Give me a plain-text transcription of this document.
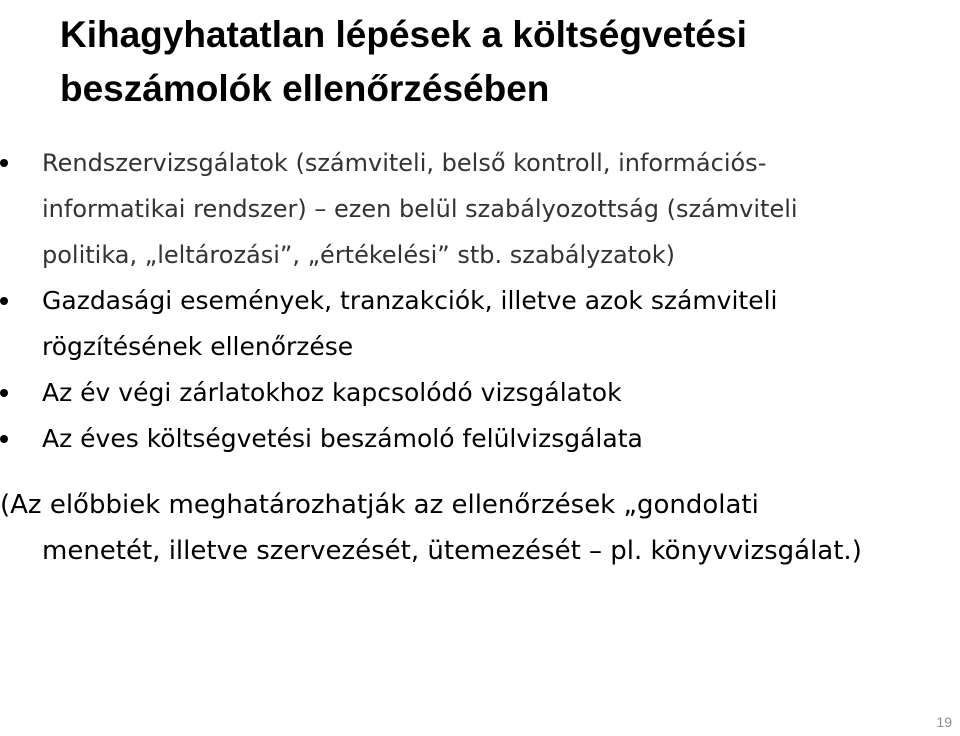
Kihagyhatatlan lépések a költségvetési
beszámolók ellenőrzésében
Rendszervizsgálatok (számviteli, belső kontroll, információs-
informatikai rendszer) – ezen belül szabályozottság (számviteli
politika, „leltározási”, „értékelési” stb. szabályzatok)
Gazdasági események, tranzakciók, illetve azok számviteli
rögzítésének ellenőrzése
Az év végi zárlatokhoz kapcsolódó vizsgálatok
Az éves költségvetési beszámoló felülvizsgálata

(Az előbbiek meghatározhatják az ellenőrzések „gondolati
menetét, illetve szervezését, ütemezését – pl. könyvvizsgálat.)

19
